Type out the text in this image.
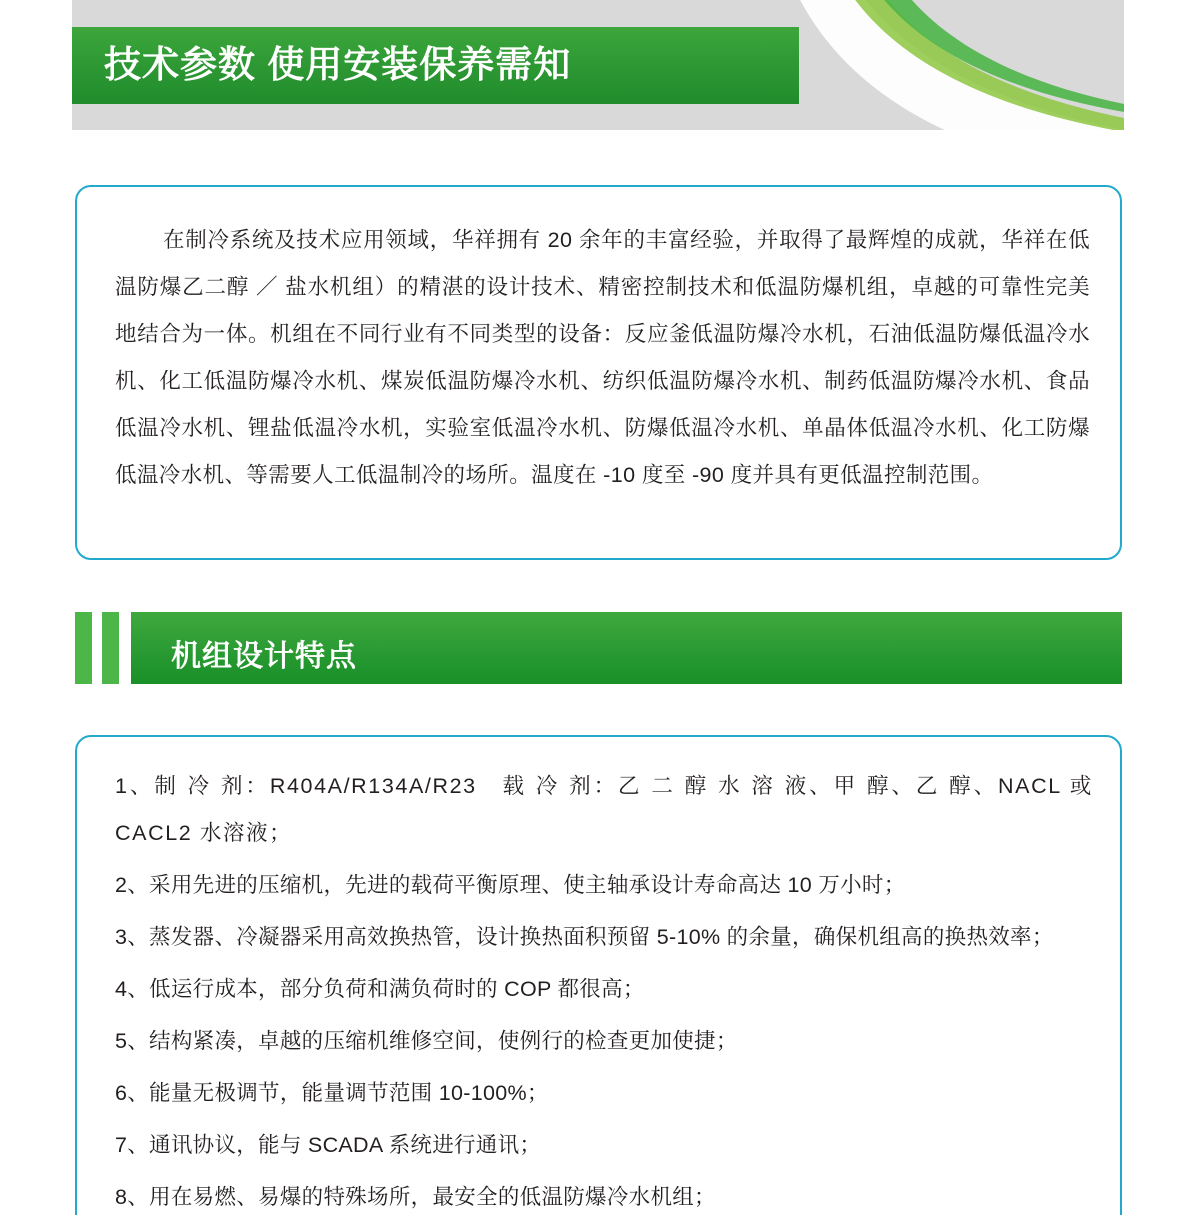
技术参数 使用安装保养需知

在制冷系统及技术应用领域，华祥拥有 20 余年的丰富经验，并取得了最辉煌的成就，华祥在低温防爆乙二醇 ／ 盐水机组）的精湛的设计技术、精密控制技术和低温防爆机组，卓越的可靠性完美地结合为一体。机组在不同行业有不同类型的设备：反应釜低温防爆冷水机，石油低温防爆低温冷水机、化工低温防爆冷水机、煤炭低温防爆冷水机、纺织低温防爆冷水机、制药低温防爆冷水机、食品低温冷水机、锂盐低温冷水机，实验室低温冷水机、防爆低温冷水机、单晶体低温冷水机、化工防爆低温冷水机、等需要人工低温制冷的场所。温度在 -10 度至 -90 度并具有更低温控制范围。

机组设计特点
1、制 冷 剂：R404A/R134A/R23　载 冷 剂：乙 二 醇 水 溶 液、甲 醇、乙 醇、NACL 或 CACL2 水溶液；
2、采用先进的压缩机，先进的载荷平衡原理、使主轴承设计寿命高达 10 万小时；
3、蒸发器、冷凝器采用高效换热管，设计换热面积预留 5-10% 的余量，确保机组高的换热效率；
4、低运行成本，部分负荷和满负荷时的 COP 都很高；
5、结构紧凑，卓越的压缩机维修空间，使例行的检查更加使捷；
6、能量无极调节，能量调节范围 10-100%；
7、通讯协议，能与 SCADA 系统进行通讯；
8、用在易燃、易爆的特殊场所，最安全的低温防爆冷水机组；
